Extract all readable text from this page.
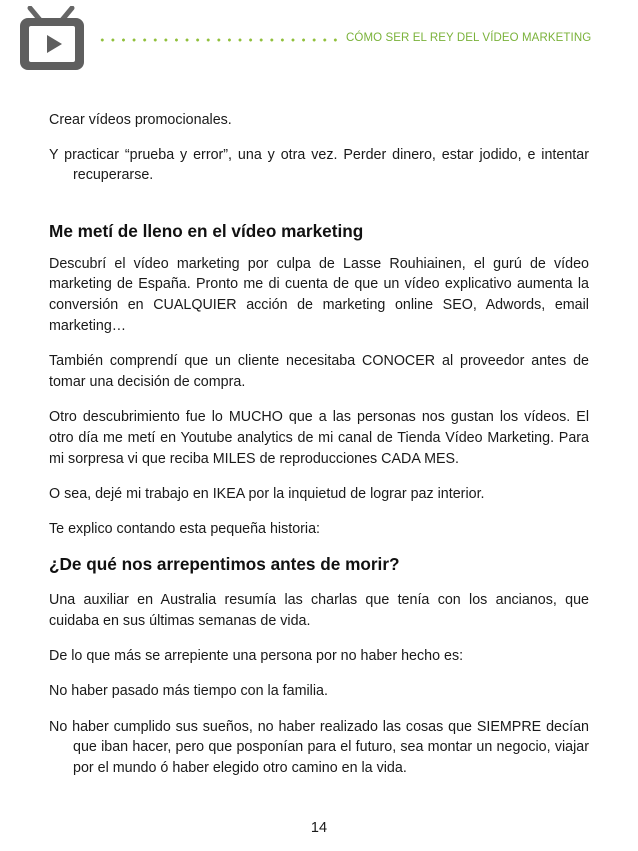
CÓMO SER EL REY DEL VÍDEO MARKETING

Crear vídeos promocionales.

Y practicar “prueba y error”, una y otra vez. Perder dinero, estar jodido, e intentar recuperarse.

Me metí de lleno en el vídeo marketing

Descubrí el vídeo marketing por culpa de Lasse Rouhiainen, el gurú de vídeo marketing de España. Pronto me di cuenta de que un vídeo explicativo aumenta la conversión en CUALQUIER acción de marketing online SEO, Adwords, email marketing…

También comprendí que un cliente necesitaba CONOCER al proveedor antes de tomar una decisión de compra.

Otro descubrimiento fue lo MUCHO que a las personas nos gustan los vídeos. El otro día me metí en Youtube analytics de mi canal de Tienda Vídeo Marketing. Para mi sorpresa vi que reciba MILES de reproducciones CADA MES.

O sea, dejé mi trabajo en IKEA por la inquietud de lograr paz interior.

Te explico contando esta pequeña historia:

¿De qué nos arrepentimos antes de morir?

Una auxiliar en Australia resumía las charlas que tenía con los ancianos, que cuidaba en sus últimas semanas de vida.

De lo que más se arrepiente una persona por no haber hecho es:

No haber pasado más tiempo con la familia.

No haber cumplido sus sueños, no haber realizado las cosas que SIEMPRE decían que iban hacer, pero que posponían para el futuro, sea montar un negocio, viajar por el mundo ó haber elegido otro camino en la vida.

14
